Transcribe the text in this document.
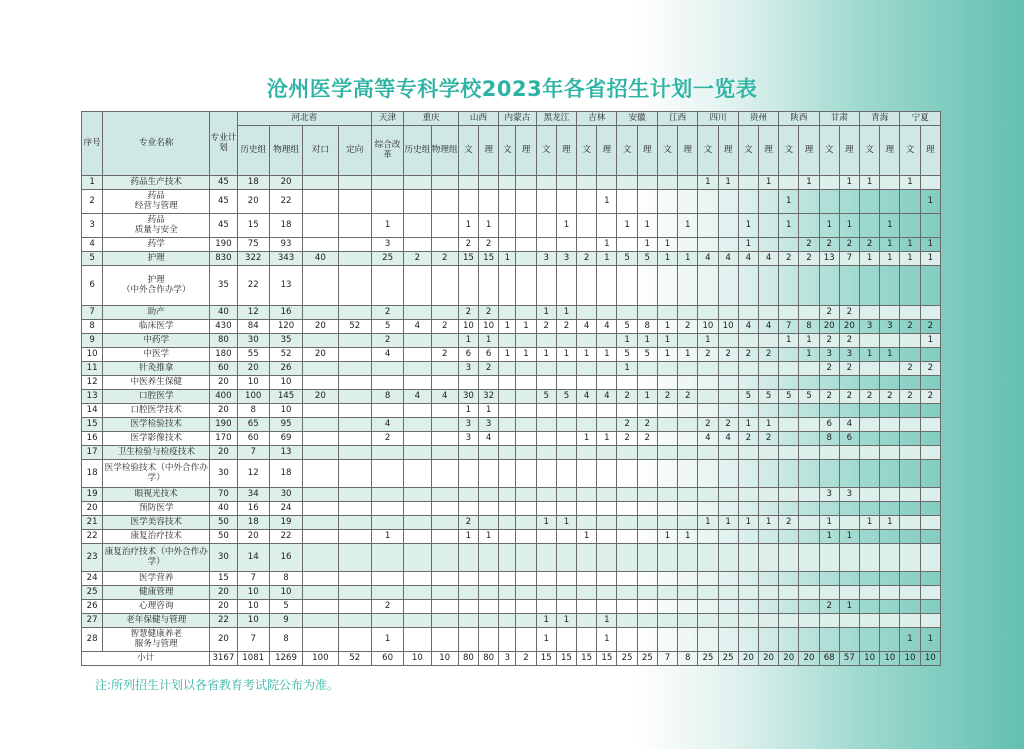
沧州医学高等专科学校2023年各省招生计划一览表
序号	专业名称	专业计划	河北省				天津	重庆		山西		内蒙古		黑龙江		吉林		安徽		江西		四川		贵州		陕西		甘肃		青海		宁夏	
			历史组	物理组	对口	定向	综合改革	历史组	物理组	文	理	文	理	文	理	文	理	文	理	文	理	文	理	文	理	文	理	文	理	文	理	文	理
1	药品生产技术	45	18	20																		1	1		1		1		1	1		1	
2	药品
经营与管理	45	20	22													1									1							1
3	药品
质量与安全	45	15	18			1			1	1				1			1	1		1			1		1		1	1		1		
4	药学	190	75	93			3			2	2						1		1	1				1			2	2	2	2	1	1	1
5	护理	830	322	343	40		25	2	2	15	15	1		3	3	2	1	5	5	1	1	4	4	4	4	2	2	13	7	1	1	1	1
6	护理
（中外合作办学）	35	22	13																													
7	助产	40	12	16			2			2	2			1	1													2	2				
8	临床医学	430	84	120	20	52	5	4	2	10	10	1	1	2	2	4	4	5	8	1	2	10	10	4	4	7	8	20	20	3	3	2	2
9	中药学	80	30	35			2			1	1							1	1	1		1				1	1	2	2				1
10	中医学	180	55	52	20		4		2	6	6	1	1	1	1	1	1	5	5	1	1	2	2	2	2		1	3	3	1	1		
11	针灸推拿	60	20	26						3	2							1										2	2			2	2
12	中医养生保健	20	10	10																													
13	口腔医学	400	100	145	20		8	4	4	30	32			5	5	4	4	2	1	2	2			5	5	5	5	2	2	2	2	2	2
14	口腔医学技术	20	8	10						1	1																						
15	医学检验技术	190	65	95			4			3	3							2	2			2	2	1	1			6	4				
16	医学影像技术	170	60	69			2			3	4					1	1	2	2			4	4	2	2			8	6				
17	卫生检验与检疫技术	20	7	13																													
18	医学检验技术（中外合作办学）	30	12	18																													
19	眼视光技术	70	34	30																								3	3				
20	预防医学	40	16	24																													
21	医学美容技术	50	18	19						2				1	1							1	1	1	1	2		1		1	1		
22	康复治疗技术	50	20	22			1			1	1					1				1	1							1	1				
23	康复治疗技术（中外合作办学）	30	14	16																													
24	医学营养	15	7	8																													
25	健康管理	20	10	10																													
26	心理咨询	20	10	5			2																					2	1				
27	老年保健与管理	22	10	9										1	1		1																
28	智慧健康养老
服务与管理	20	7	8			1							1			1															1	1
小计		3167	1081	1269	100	52	60	10	10	80	80	3	2	15	15	15	15	25	25	7	8	25	25	20	20	20	20	68	57	10	10	10	10
注:所列招生计划以各省教育考试院公布为准。
